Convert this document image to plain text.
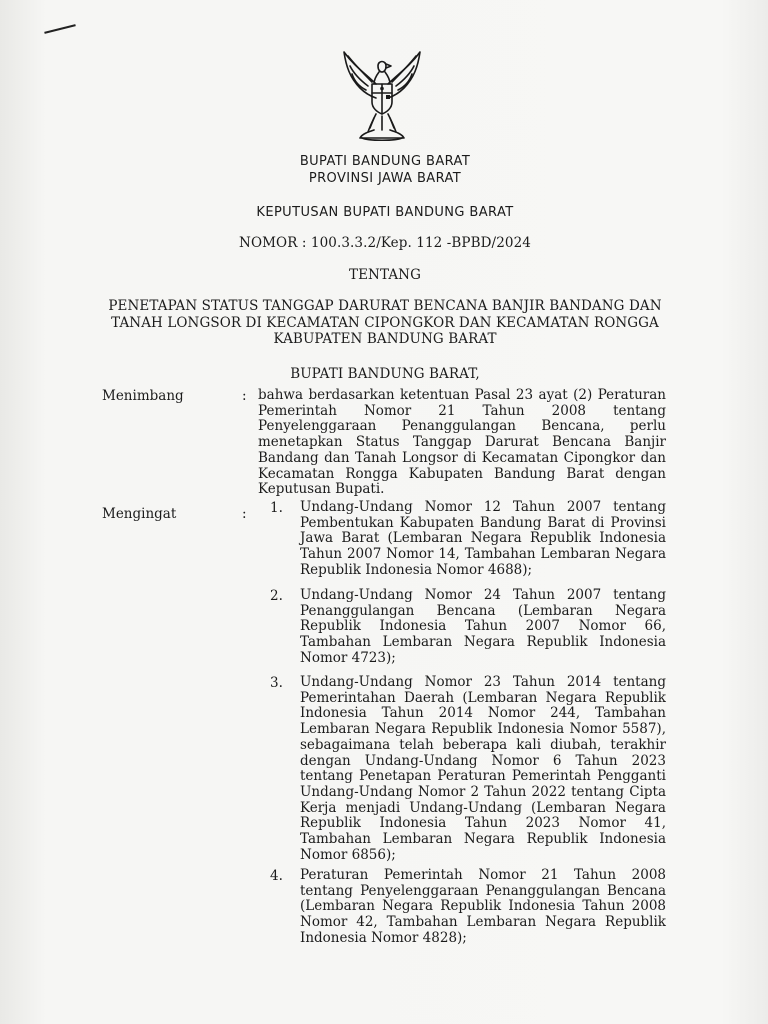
BUPATI BANDUNG BARAT
PROVINSI JAWA BARAT
KEPUTUSAN BUPATI BANDUNG BARAT
NOMOR : 100.3.3.2/Kep. 112 -BPBD/2024
TENTANG
PENETAPAN STATUS TANGGAP DARURAT BENCANA BANJIR BANDANG DAN
TANAH LONGSOR DI KECAMATAN CIPONGKOR DAN KECAMATAN RONGGA
KABUPATEN BANDUNG BARAT
BUPATI BANDUNG BARAT,
Menimbang	: bahwa berdasarkan ketentuan Pasal 23 ayat (2) Peraturan Pemerintah Nomor 21 Tahun 2008 tentang Penyelenggaraan Penanggulangan Bencana, perlu menetapkan Status Tanggap Darurat Bencana Banjir Bandang dan Tanah Longsor di Kecamatan Cipongkor dan Kecamatan Rongga Kabupaten Bandung Barat dengan Keputusan Bupati.
Mengingat	: 1. Undang-Undang Nomor 12 Tahun 2007 tentang Pembentukan Kabupaten Bandung Barat di Provinsi Jawa Barat (Lembaran Negara Republik Indonesia Tahun 2007 Nomor 14, Tambahan Lembaran Negara Republik Indonesia Nomor 4688);
2. Undang-Undang Nomor 24 Tahun 2007 tentang Penanggulangan Bencana (Lembaran Negara Republik Indonesia Tahun 2007 Nomor 66, Tambahan Lembaran Negara Republik Indonesia Nomor 4723);
3. Undang-Undang Nomor 23 Tahun 2014 tentang Pemerintahan Daerah (Lembaran Negara Republik Indonesia Tahun 2014 Nomor 244, Tambahan Lembaran Negara Republik Indonesia Nomor 5587), sebagaimana telah beberapa kali diubah, terakhir dengan Undang-Undang Nomor 6 Tahun 2023 tentang Penetapan Peraturan Pemerintah Pengganti Undang-Undang Nomor 2 Tahun 2022 tentang Cipta Kerja menjadi Undang-Undang (Lembaran Negara Republik Indonesia Tahun 2023 Nomor 41, Tambahan Lembaran Negara Republik Indonesia Nomor 6856);
4. Peraturan Pemerintah Nomor 21 Tahun 2008 tentang Penyelenggaraan Penanggulangan Bencana (Lembaran Negara Republik Indonesia Tahun 2008 Nomor 42, Tambahan Lembaran Negara Republik Indonesia Nomor 4828);
